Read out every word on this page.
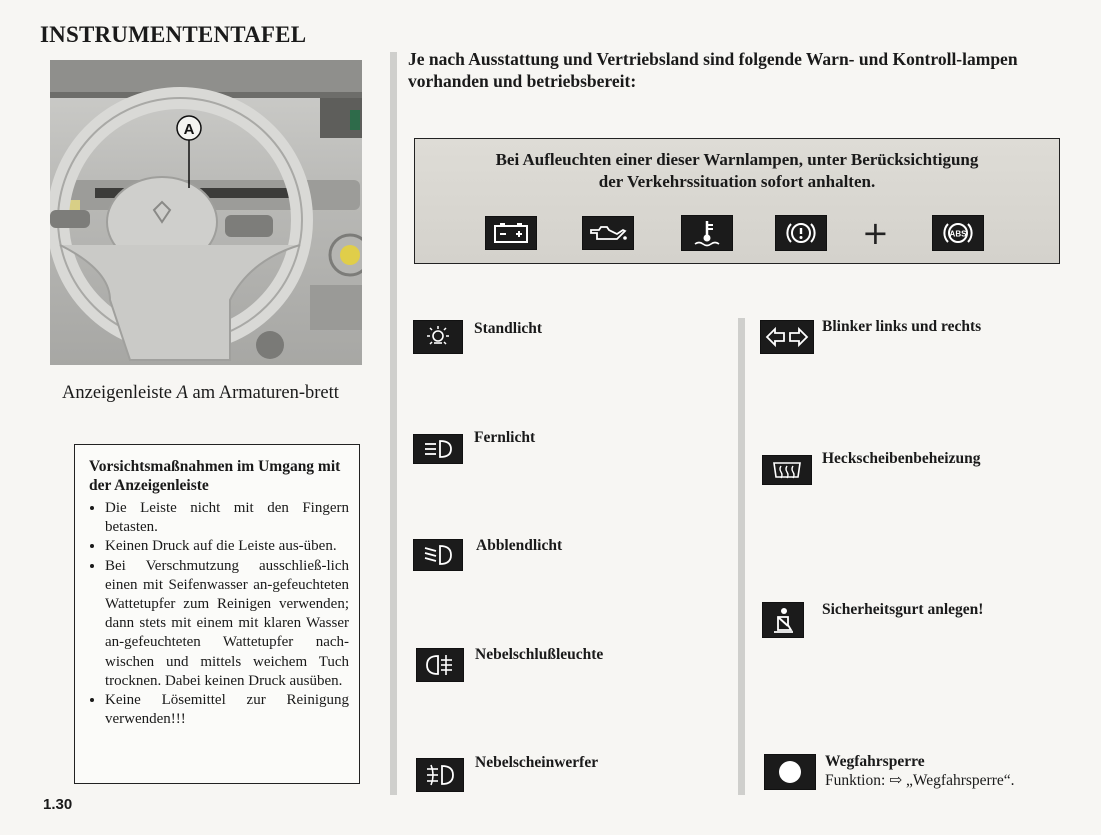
INSTRUMENTENTAFEL
A
Anzeigenleiste A am Armaturen-brett
Vorsichtsmaßnahmen im Umgang mit der Anzeigenleiste
• Die Leiste nicht mit den Fingern betasten.
• Keinen Druck auf die Leiste aus-üben.
• Bei Verschmutzung ausschließ-lich einen mit Seifenwasser an-gefeuchteten Wattetupfer zum Reinigen verwenden; dann stets mit einem mit klaren Wasser an-gefeuchteten Wattetupfer nach-wischen und mittels weichem Tuch trocknen. Dabei keinen Druck ausüben.
• Keine Lösemittel zur Reinigung verwenden!!!
1.30
Je nach Ausstattung und Vertriebsland sind folgende Warn- und Kontroll-lampen vorhanden und betriebsbereit:
Bei Aufleuchten einer dieser Warnlampen, unter Berücksichtigung
der Verkehrssituation sofort anhalten.
+	ABS
Standlicht
Fernlicht
Abblendlicht
Nebelschlußleuchte
Nebelscheinwerfer
Blinker links und rechts
Heckscheibenbeheizung
Sicherheitsgurt anlegen!
Wegfahrsperre
Funktion: ⇨ „Wegfahrsperre“.
